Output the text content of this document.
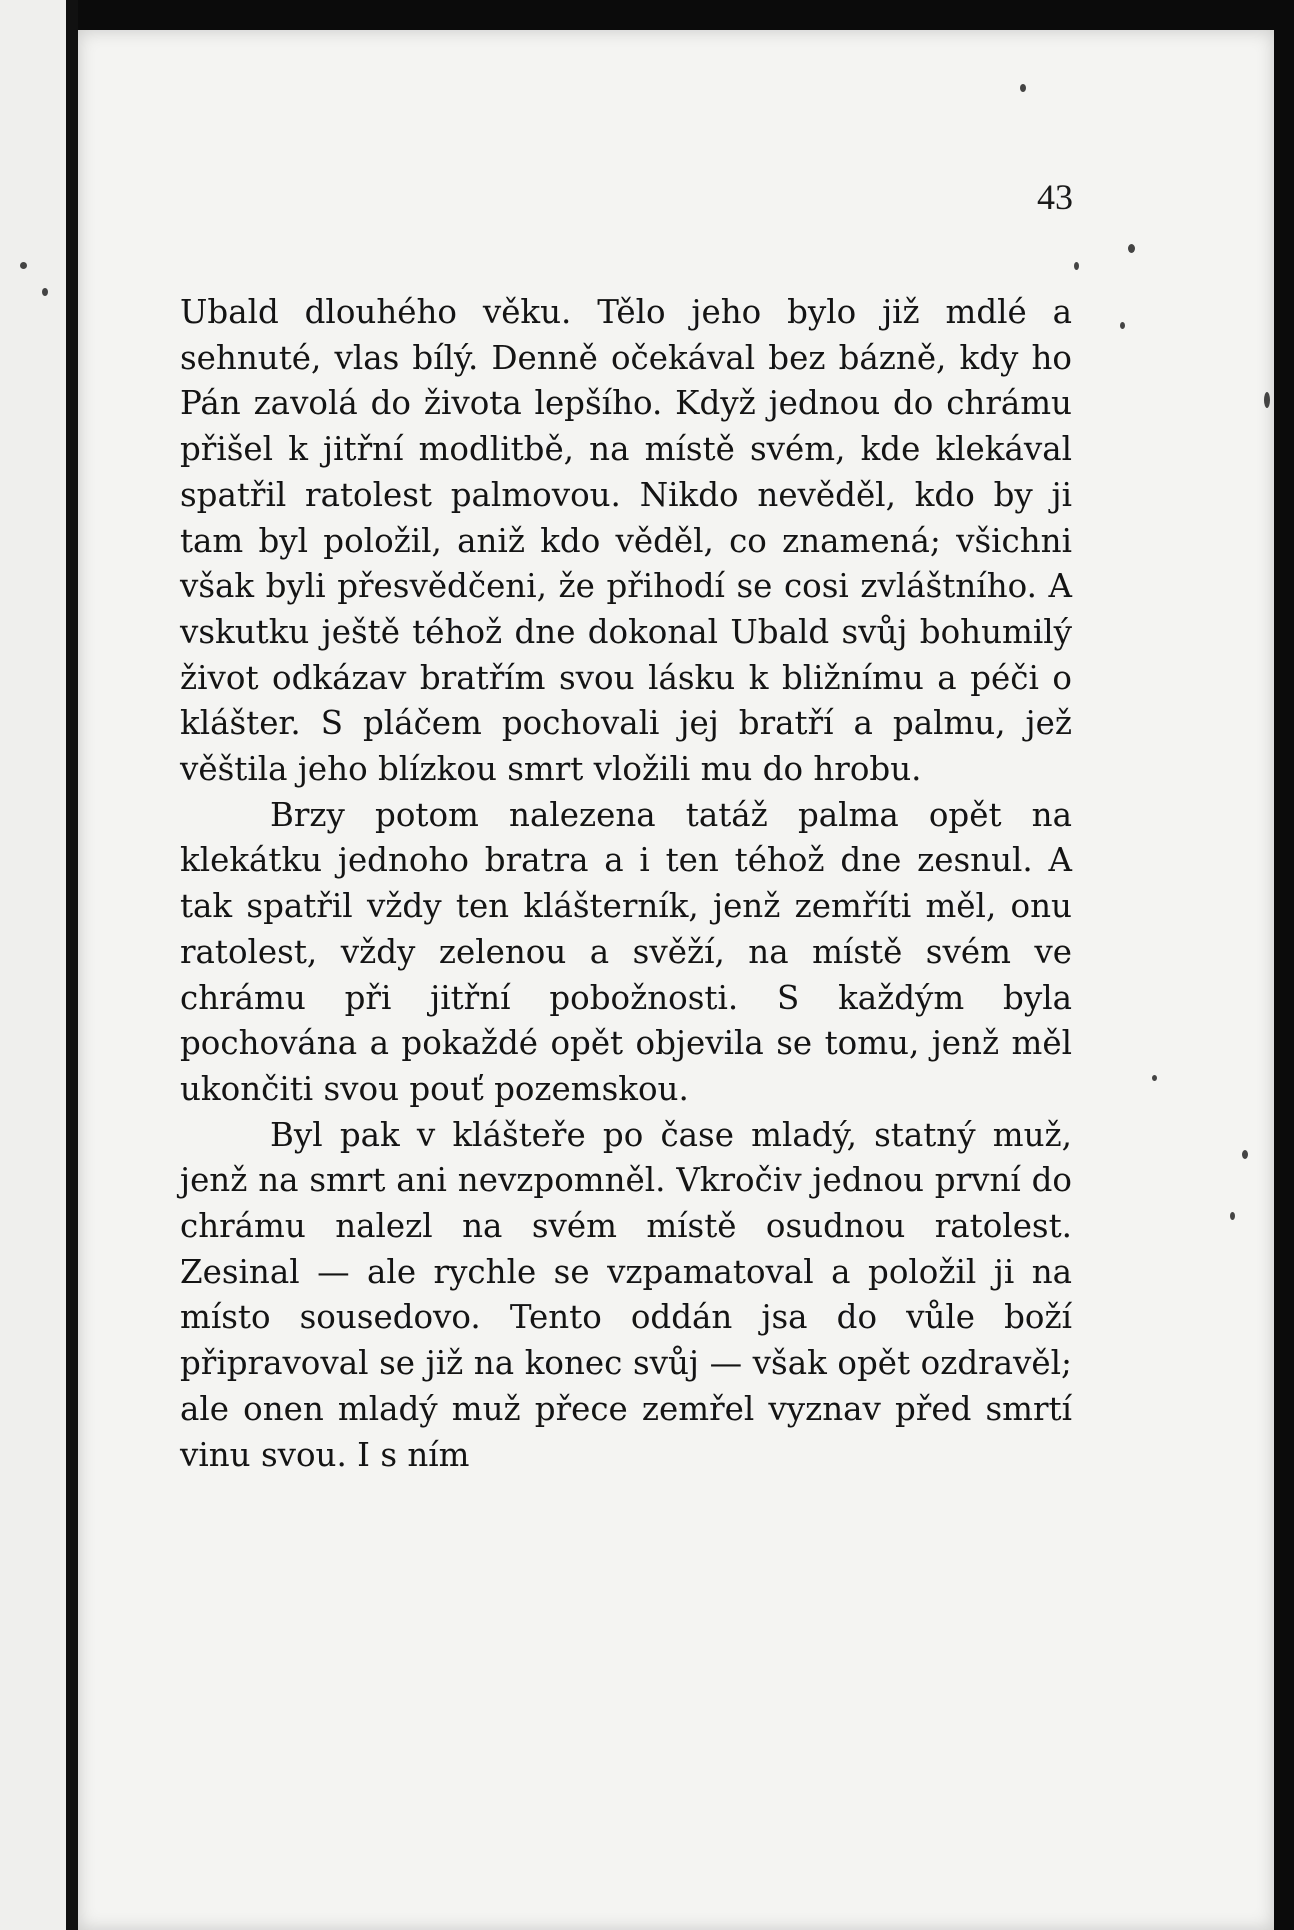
43

Ubald dlouhého věku. Tělo jeho bylo již mdlé a sehnuté, vlas bílý. Denně očekával bez bázně, kdy ho Pán zavolá do života lepšího. Když jednou do chrámu přišel k jitřní modlitbě, na místě svém, kde klekával spatřil ratolest palmovou. Nikdo nevěděl, kdo by ji tam byl položil, aniž kdo věděl, co znamená; všichni však byli přesvědčeni, že přihodí se cosi zvláštního. A vskutku ještě téhož dne dokonal Ubald svůj bohumilý život odkázav bratřím svou lásku k bližnímu a péči o klášter. S pláčem pochovali jej bratří a palmu, jež věštila jeho blízkou smrt vložili mu do hrobu.

Brzy potom nalezena tatáž palma opět na klekátku jednoho bratra a i ten téhož dne zesnul. A tak spatřil vždy ten klášterník, jenž zemříti měl, onu ratolest, vždy zelenou a svěží, na místě svém ve chrámu při jitřní pobožnosti. S každým byla pochována a pokaždé opět objevila se tomu, jenž měl ukončiti svou pouť pozemskou.

Byl pak v klášteře po čase mladý, statný muž, jenž na smrt ani nevzpomněl. Vkročiv jednou první do chrámu nalezl na svém místě osudnou ratolest. Zesinal — ale rychle se vzpamatoval a položil ji na místo sousedovo. Tento oddán jsa do vůle boží připravoval se již na konec svůj — však opět ozdravěl; ale onen mladý muž přece zemřel vyznav před smrtí vinu svou. I s ním
